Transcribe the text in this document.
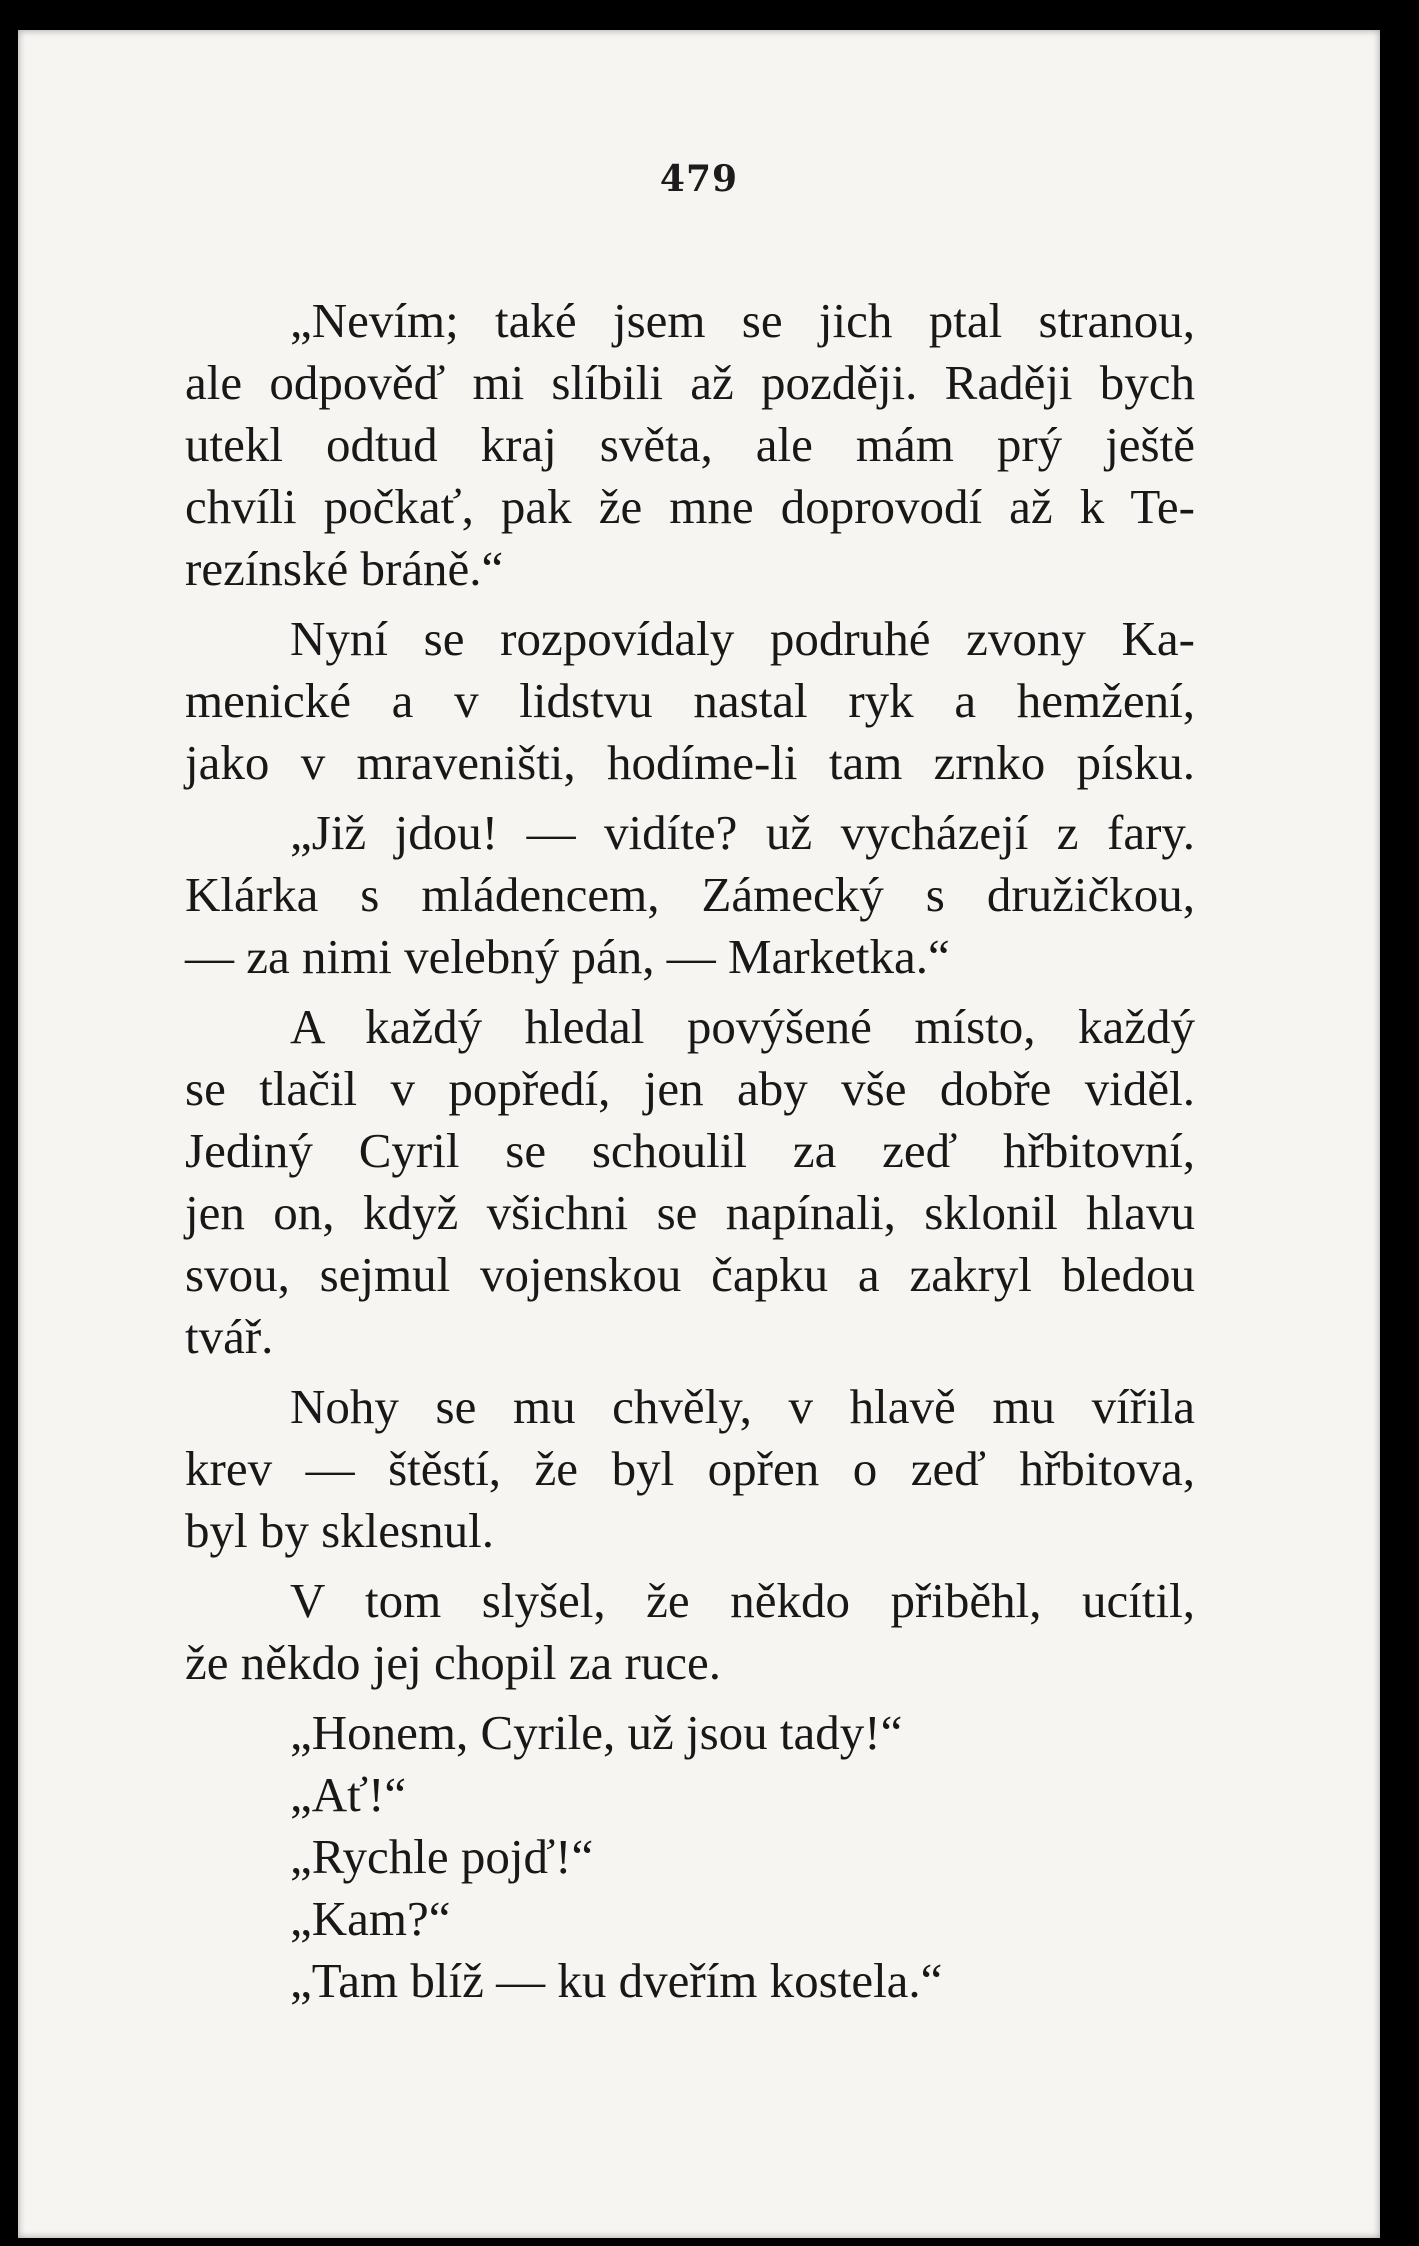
479
„Nevím; také jsem se jich ptal stranou,
ale odpověď mi slíbili až později. Raději bych
utekl odtud kraj světa, ale mám prý ještě
chvíli počkať, pak že mne doprovodí až k Te-
rezínské bráně.“
Nyní se rozpovídaly podruhé zvony Ka-
menické a v lidstvu nastal ryk a hemžení,
jako v mraveništi, hodíme-li tam zrnko písku.
„Již jdou! — vidíte? už vycházejí z fary.
Klárka s mládencem, Zámecký s družičkou,
— za nimi velebný pán, — Marketka.“
A každý hledal povýšené místo, každý
se tlačil v popředí, jen aby vše dobře viděl.
Jediný Cyril se schoulil za zeď hřbitovní,
jen on, když všichni se napínali, sklonil hlavu
svou, sejmul vojenskou čapku a zakryl bledou
tvář.
Nohy se mu chvěly, v hlavě mu vířila
krev — štěstí, že byl opřen o zeď hřbitova,
byl by sklesnul.
V tom slyšel, že někdo přiběhl, ucítil,
že někdo jej chopil za ruce.
„Honem, Cyrile, už jsou tady!“
„Ať!“
„Rychle pojď!“
„Kam?“
„Tam blíž — ku dveřím kostela.“
